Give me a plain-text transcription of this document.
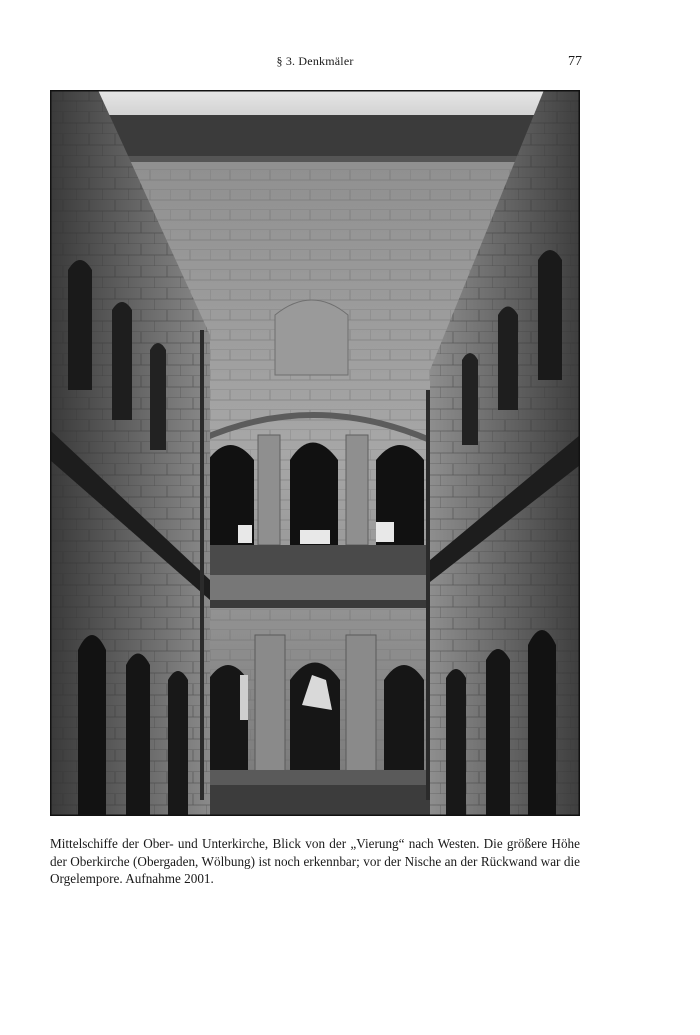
§ 3. Denkmäler	77

Mittelschiffe der Ober- und Unterkirche, Blick von der „Vierung“ nach Westen. Die größere Höhe der Oberkirche (Obergaden, Wölbung) ist noch erkennbar; vor der Nische an der Rückwand war die Orgelempore. Aufnahme 2001.
